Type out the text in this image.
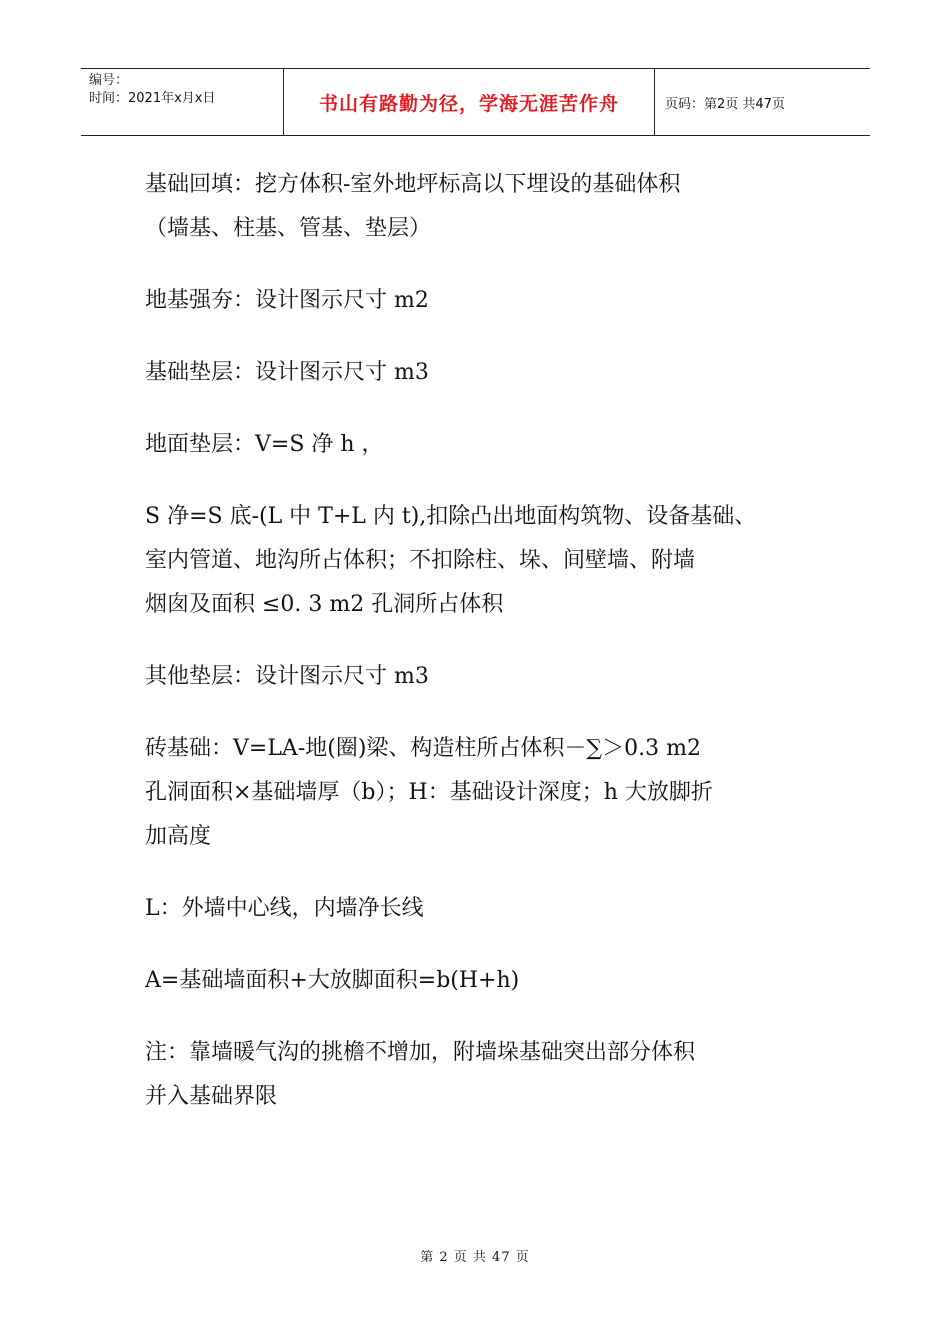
编号：
时间：2021年x月x日	书山有路勤为径，学海无涯苦作舟	页码：第2页 共47页
基础回填：挖方体积-室外地坪标高以下埋设的基础体积
（墙基、柱基、管基、垫层）
地基强夯：设计图示尺寸 m2
基础垫层：设计图示尺寸 m3
地面垫层：V=S 净 h ，
S 净=S 底-(L 中 T+L 内 t),扣除凸出地面构筑物、设备基础、
室内管道、地沟所占体积；不扣除柱、垛、间壁墙、附墙
烟囱及面积 ≤0. 3 m2 孔洞所占体积
其他垫层：设计图示尺寸 m3
砖基础：V=LA-地(圈)梁、构造柱所占体积－∑＞0.3 m2
孔洞面积×基础墙厚（b）；H：基础设计深度；h 大放脚折
加高度
L：外墙中心线，内墙净长线
A=基础墙面积+大放脚面积=b(H+h)
注：靠墙暖气沟的挑檐不增加，附墙垛基础突出部分体积
并入基础界限
第 2 页 共 47 页
